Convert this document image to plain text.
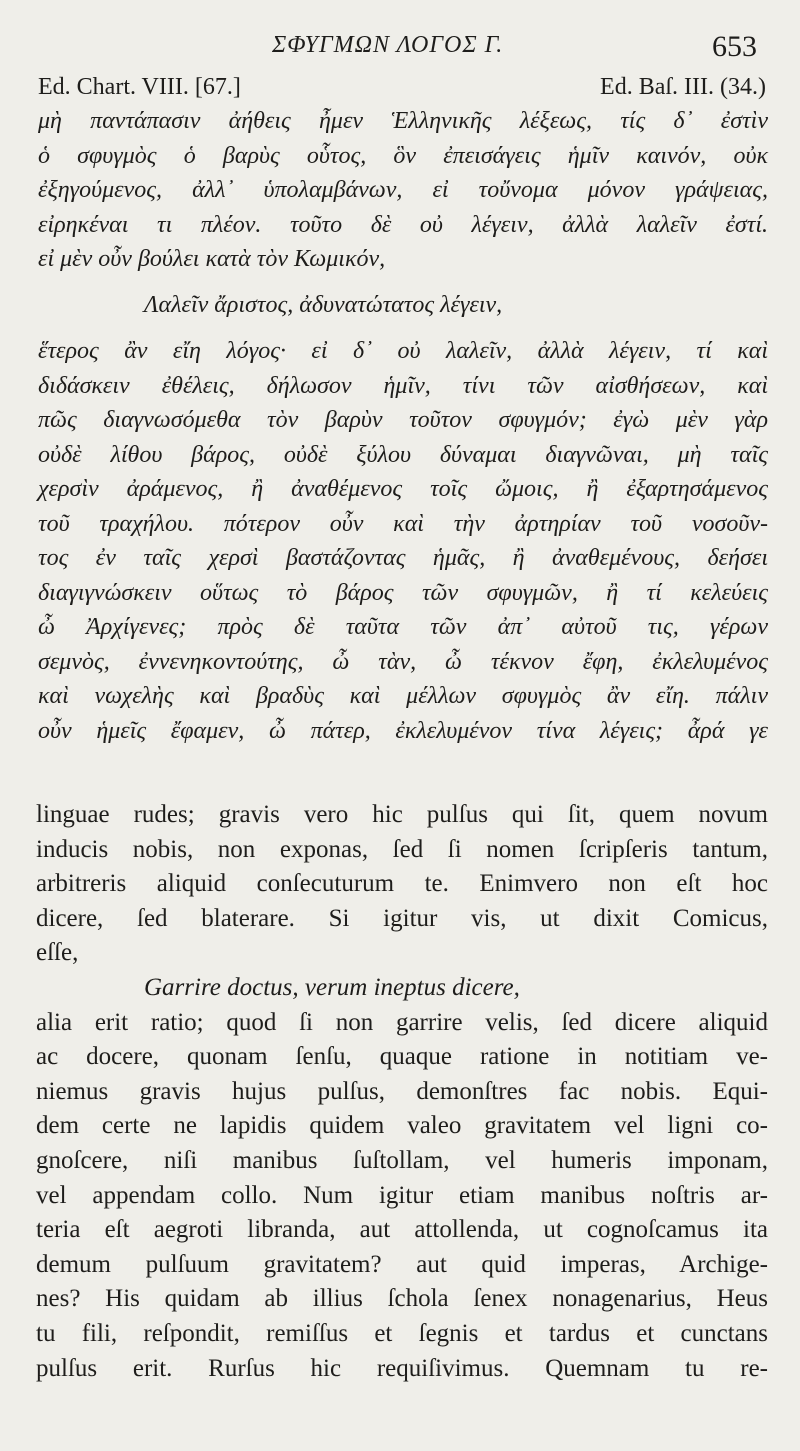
ΣΦΥΓΜΩΝ ΛΟΓΟΣ Γ.	653
Ed. Chart. VIII. [67.]	Ed. Baſ. III. (34.)
μὴ παντάπασιν ἀήθεις ἦμεν Ἑλληνικῆς λέξεως, τίς δ᾽ ἐστὶν
ὁ σφυγμὸς ὁ βαρὺς οὗτος, ὃν ἐπεισάγεις ἡμῖν καινόν, οὐκ
ἐξηγούμενος, ἀλλ᾽ ὑπολαμβάνων, εἰ τοὔνομα μόνον γράψειας,
εἰρηκέναι τι πλέον. τοῦτο δὲ οὐ λέγειν, ἀλλὰ λαλεῖν ἐστί.
εἰ μὲν οὖν βούλει κατὰ τὸν Κωμικόν,
Λαλεῖν ἄριστος, ἀδυνατώτατος λέγειν,
ἕτερος ἂν εἴη λόγος· εἰ δ᾽ οὐ λαλεῖν, ἀλλὰ λέγειν, τί καὶ
διδάσκειν ἐθέλεις, δήλωσον ἡμῖν, τίνι τῶν αἰσθήσεων, καὶ
πῶς διαγνωσόμεθα τὸν βαρὺν τοῦτον σφυγμόν; ἐγὼ μὲν γὰρ
οὐδὲ λίθου βάρος, οὐδὲ ξύλου δύναμαι διαγνῶναι, μὴ ταῖς
χερσὶν ἀράμενος, ἢ ἀναθέμενος τοῖς ὤμοις, ἢ ἐξαρτησάμενος
τοῦ τραχήλου. πότερον οὖν καὶ τὴν ἀρτηρίαν τοῦ νοσοῦν-
τος ἐν ταῖς χερσὶ βαστάζοντας ἡμᾶς, ἢ ἀναθεμένους, δεήσει
διαγιγνώσκειν οὕτως τὸ βάρος τῶν σφυγμῶν, ἢ τί κελεύεις
ὦ Ἀρχίγενες; πρὸς δὲ ταῦτα τῶν ἀπ᾽ αὐτοῦ τις, γέρων
σεμνὸς, ἐννενηκοντούτης, ὦ τὰν, ὦ τέκνον ἔφη, ἐκλελυμένος
καὶ νωχελὴς καὶ βραδὺς καὶ μέλλων σφυγμὸς ἂν εἴη. πάλιν
οὖν ἡμεῖς ἔφαμεν, ὦ πάτερ, ἐκλελυμένον τίνα λέγεις; ἆρά γε
linguae rudes; gravis vero hic pulſus qui ſit, quem novum
inducis nobis, non exponas, ſed ſi nomen ſcripſeris tantum,
arbitreris aliquid conſecuturum te. Enimvero non eſt hoc
dicere, ſed blaterare. Si igitur vis, ut dixit Comicus,
eſſe,
Garrire doctus, verum ineptus dicere,
alia erit ratio; quod ſi non garrire velis, ſed dicere aliquid
ac docere, quonam ſenſu, quaque ratione in notitiam ve-
niemus gravis hujus pulſus, demonſtres fac nobis. Equi-
dem certe ne lapidis quidem valeo gravitatem vel ligni co-
gnoſcere, niſi manibus ſuſtollam, vel humeris imponam,
vel appendam collo. Num igitur etiam manibus noſtris ar-
teria eſt aegroti libranda, aut attollenda, ut cognoſcamus ita
demum pulſuum gravitatem? aut quid imperas, Archige-
nes? His quidam ab illius ſchola ſenex nonagenarius, Heus
tu fili, reſpondit, remiſſus et ſegnis et tardus et cunctans
pulſus erit. Rurſus hic requiſivimus. Quemnam tu re-
